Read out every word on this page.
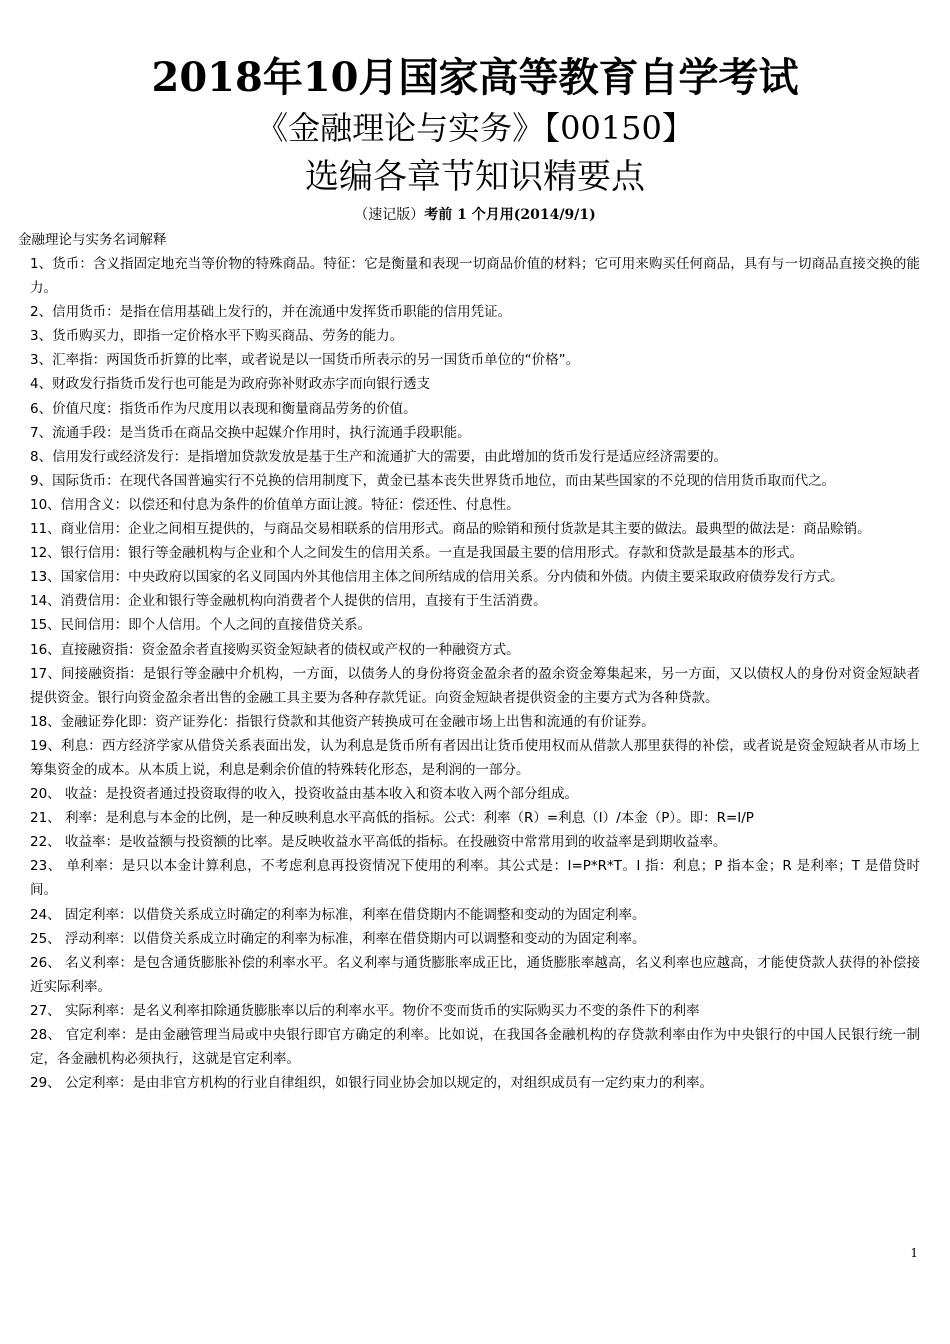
2018年10月国家高等教育自学考试
《金融理论与实务》【00150】
选编各章节知识精要点
（速记版）考前 1 个月用(2014/9/1)
金融理论与实务名词解释

1、货币：含义指固定地充当等价物的特殊商品。特征：它是衡量和表现一切商品价值的材料；它可用来购买任何商品，具有与一切商品直接交换的能力。

2、信用货币：是指在信用基础上发行的，并在流通中发挥货币职能的信用凭证。

3、货币购买力，即指一定价格水平下购买商品、劳务的能力。

3、汇率指：两国货币折算的比率，或者说是以一国货币所表示的另一国货币单位的“价格”。

4、财政发行指货币发行也可能是为政府弥补财政赤字而向银行透支

6、价值尺度：指货币作为尺度用以表现和衡量商品劳务的价值。

7、流通手段：是当货币在商品交换中起媒介作用时，执行流通手段职能。

8、信用发行或经济发行：是指增加贷款发放是基于生产和流通扩大的需要，由此增加的货币发行是适应经济需要的。

9、国际货币：在现代各国普遍实行不兑换的信用制度下，黄金已基本丧失世界货币地位，而由某些国家的不兑现的信用货币取而代之。

10、信用含义：以偿还和付息为条件的价值单方面让渡。特征：偿还性、付息性。

11、商业信用：企业之间相互提供的，与商品交易相联系的信用形式。商品的赊销和预付货款是其主要的做法。最典型的做法是：商品赊销。

12、银行信用：银行等金融机构与企业和个人之间发生的信用关系。一直是我国最主要的信用形式。存款和贷款是最基本的形式。

13、国家信用：中央政府以国家的名义同国内外其他信用主体之间所结成的信用关系。分内债和外债。内债主要采取政府债券发行方式。

14、消费信用：企业和银行等金融机构向消费者个人提供的信用，直接有于生活消费。

15、民间信用：即个人信用。个人之间的直接借贷关系。

16、直接融资指：资金盈余者直接购买资金短缺者的债权或产权的一种融资方式。

17、间接融资指：是银行等金融中介机构，一方面，以债务人的身份将资金盈余者的盈余资金筹集起来，另一方面，又以债权人的身份对资金短缺者提供资金。银行向资金盈余者出售的金融工具主要为各种存款凭证。向资金短缺者提供资金的主要方式为各种贷款。

18、金融证券化即：资产证券化：指银行贷款和其他资产转换成可在金融市场上出售和流通的有价证券。

19、利息：西方经济学家从借贷关系表面出发，认为利息是货币所有者因出让货币使用权而从借款人那里获得的补偿，或者说是资金短缺者从市场上筹集资金的成本。从本质上说，利息是剩余价值的特殊转化形态，是利润的一部分。

20、 收益：是投资者通过投资取得的收入，投资收益由基本收入和资本收入两个部分组成。

21、 利率：是利息与本金的比例，是一种反映利息水平高低的指标。公式：利率（R）=利息（I）/本金（P）。即：R=I/P

22、 收益率：是收益额与投资额的比率。是反映收益水平高低的指标。在投融资中常常用到的收益率是到期收益率。

23、 单利率：是只以本金计算利息，不考虑利息再投资情况下使用的利率。其公式是：I=P*R*T。I 指：利息；P 指本金；R 是利率；T 是借贷时间。

24、 固定利率：以借贷关系成立时确定的利率为标准，利率在借贷期内不能调整和变动的为固定利率。

25、 浮动利率：以借贷关系成立时确定的利率为标准，利率在借贷期内可以调整和变动的为固定利率。

26、 名义利率：是包含通货膨胀补偿的利率水平。名义利率与通货膨胀率成正比，通货膨胀率越高，名义利率也应越高，才能使贷款人获得的补偿接近实际利率。

27、 实际利率：是名义利率扣除通货膨胀率以后的利率水平。物价不变而货币的实际购买力不变的条件下的利率

28、 官定利率：是由金融管理当局或中央银行即官方确定的利率。比如说，在我国各金融机构的存贷款利率由作为中央银行的中国人民银行统一制定，各金融机构必须执行，这就是官定利率。

29、 公定利率：是由非官方机构的行业自律组织，如银行同业协会加以规定的，对组织成员有一定约束力的利率。

1
